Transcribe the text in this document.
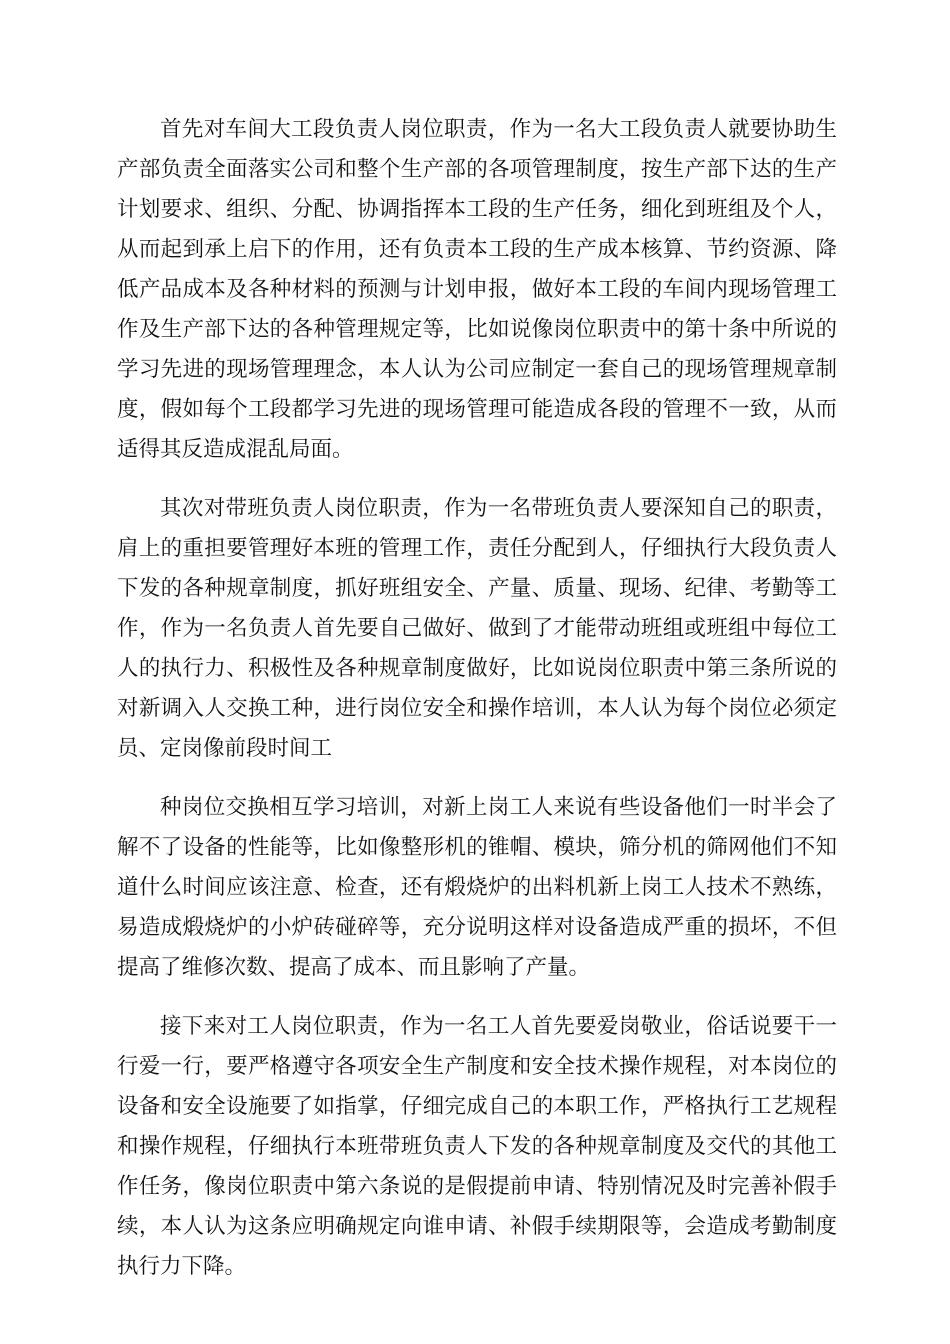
首先对车间大工段负责人岗位职责，作为一名大工段负责人就要协助生产部负责全面落实公司和整个生产部的各项管理制度，按生产部下达的生产计划要求、组织、分配、协调指挥本工段的生产任务，细化到班组及个人，从而起到承上启下的作用，还有负责本工段的生产成本核算、节约资源、降低产品成本及各种材料的预测与计划申报，做好本工段的车间内现场管理工作及生产部下达的各种管理规定等，比如说像岗位职责中的第十条中所说的学习先进的现场管理理念，本人认为公司应制定一套自己的现场管理规章制度，假如每个工段都学习先进的现场管理可能造成各段的管理不一致，从而适得其反造成混乱局面。

其次对带班负责人岗位职责，作为一名带班负责人要深知自己的职责，肩上的重担要管理好本班的管理工作，责任分配到人，仔细执行大段负责人下发的各种规章制度，抓好班组安全、产量、质量、现场、纪律、考勤等工作，作为一名负责人首先要自己做好、做到了才能带动班组或班组中每位工人的执行力、积极性及各种规章制度做好，比如说岗位职责中第三条所说的对新调入人交换工种，进行岗位安全和操作培训，本人认为每个岗位必须定员、定岗像前段时间工

种岗位交换相互学习培训，对新上岗工人来说有些设备他们一时半会了解不了设备的性能等，比如像整形机的锥帽、模块，筛分机的筛网他们不知道什么时间应该注意、检查，还有煅烧炉的出料机新上岗工人技术不熟练，易造成煅烧炉的小炉砖碰碎等，充分说明这样对设备造成严重的损坏，不但提高了维修次数、提高了成本、而且影响了产量。

接下来对工人岗位职责，作为一名工人首先要爱岗敬业，俗话说要干一行爱一行，要严格遵守各项安全生产制度和安全技术操作规程，对本岗位的设备和安全设施要了如指掌，仔细完成自己的本职工作，严格执行工艺规程和操作规程，仔细执行本班带班负责人下发的各种规章制度及交代的其他工作任务，像岗位职责中第六条说的是假提前申请、特别情况及时完善补假手续，本人认为这条应明确规定向谁申请、补假手续期限等，会造成考勤制度执行力下降。
